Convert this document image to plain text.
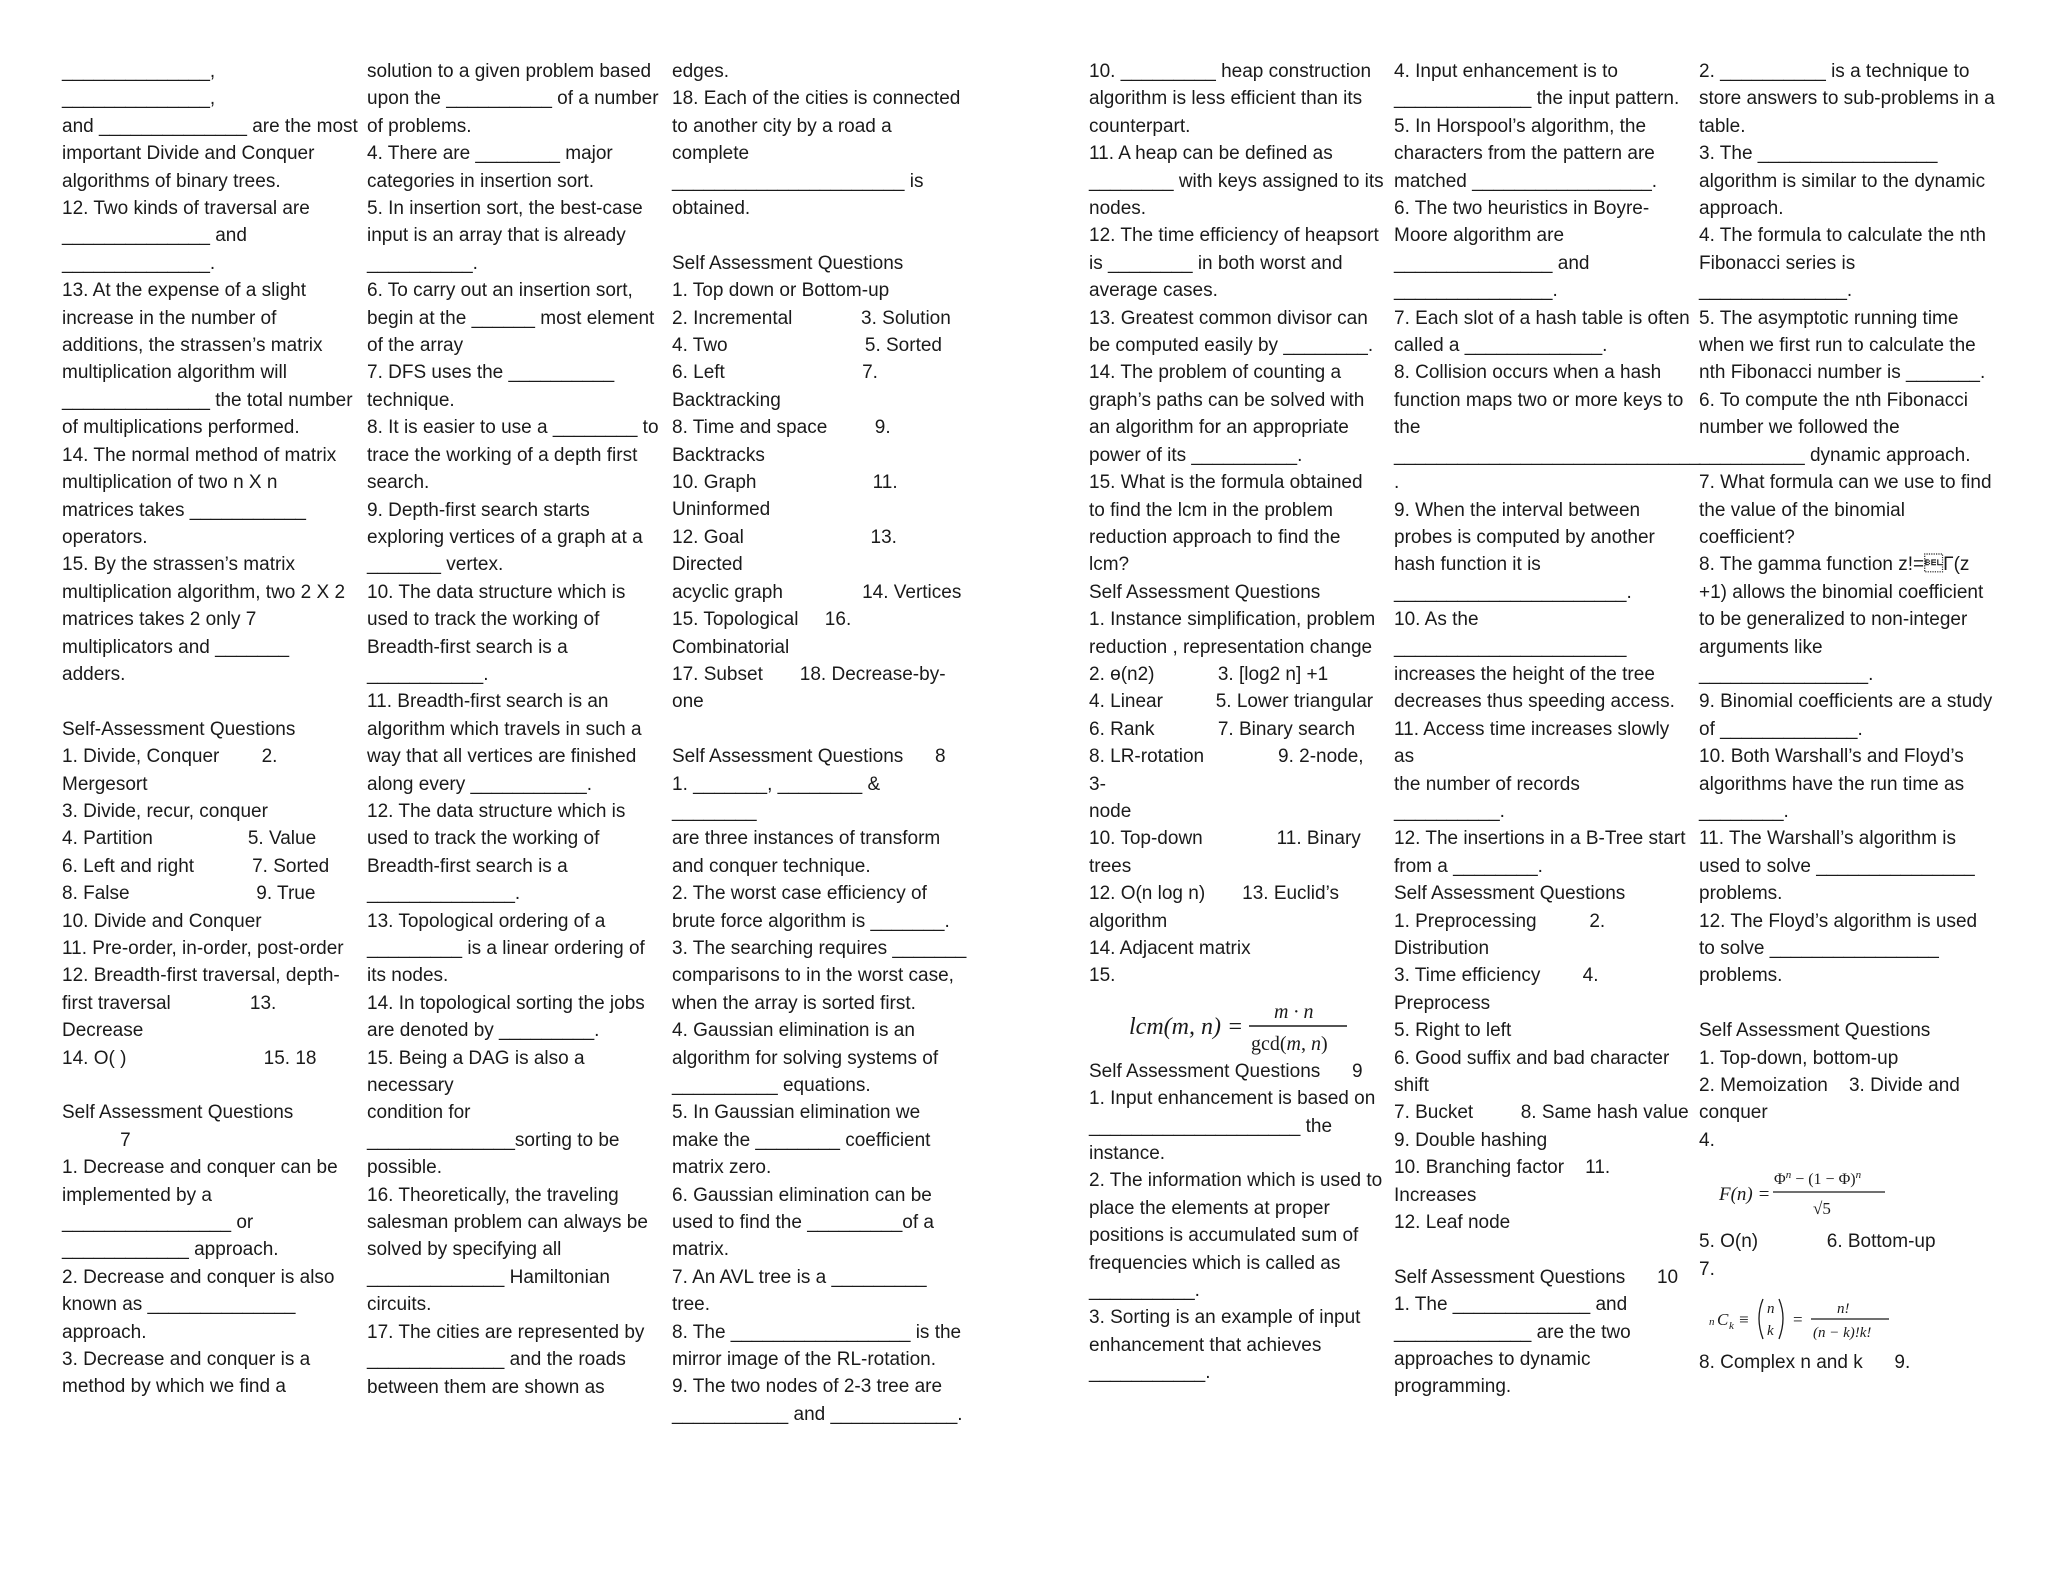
______________, ______________,

and ______________ are the most

important Divide and Conquer

algorithms of binary trees.

12. Two kinds of traversal are

______________ and

______________.

13. At the expense of a slight

increase in the number of

additions, the strassen’s matrix

multiplication algorithm will

______________ the total number

of multiplications performed.

14. The normal method of matrix

multiplication of two n X n

matrices takes ___________

operators.

15. By the strassen’s matrix

multiplication algorithm, two 2 X 2

matrices takes 2 only 7

multiplicators and _______

adders.

Self-Assessment Questions

1. Divide, Conquer        2.

Mergesort

3. Divide, recur, conquer

4. Partition                  5. Value

6. Left and right           7. Sorted

8. False                        9. True

10. Divide and Conquer

11. Pre-order, in-order, post-order

12. Breadth-first traversal, depth-

first traversal               13.

Decrease

14. O( )                          15. 18

Self Assessment Questions

7

1. Decrease and conquer can be

implemented by a

________________ or

____________ approach.

2. Decrease and conquer is also

known as ______________

approach.

3. Decrease and conquer is a

method by which we find a

solution to a given problem based

upon the __________ of a number

of problems.

4. There are ________ major

categories in insertion sort.

5. In insertion sort, the best-case

input is an array that is already

__________.

6. To carry out an insertion sort,

begin at the ______ most element

of the array

7. DFS uses the __________

technique.

8. It is easier to use a ________ to

trace the working of a depth first

search.

9. Depth-first search starts

exploring vertices of a graph at a

_______ vertex.

10. The data structure which is

used to track the working of

Breadth-first search is a

___________.

11. Breadth-first search is an

algorithm which travels in such a

way that all vertices are finished

along every ___________.

12. The data structure which is

used to track the working of

Breadth-first search is a

______________.

13. Topological ordering of a

_________ is a linear ordering of

its nodes.

14. In topological sorting the jobs

are denoted by _________.

15. Being a DAG is also a necessary

condition for

______________sorting to be

possible.

16. Theoretically, the traveling

salesman problem can always be

solved by specifying all

_____________ Hamiltonian

circuits.

17. The cities are represented by

_____________ and the roads

between them are shown as

edges.

18. Each of the cities is connected

to another city by a road a

complete

______________________ is

obtained.

Self Assessment Questions

1. Top down or Bottom-up

2. Incremental             3. Solution

4. Two                          5. Sorted

6. Left                          7.

Backtracking

8. Time and space         9.

Backtracks

10. Graph                      11.

Uninformed

12. Goal                        13. Directed

acyclic graph               14. Vertices

15. Topological     16.

Combinatorial

17. Subset       18. Decrease-by-

one

Self Assessment Questions      8

1. _______, ________ & ________

are three instances of transform

and conquer technique.

2. The worst case efficiency of

brute force algorithm is _______.

3. The searching requires _______

comparisons to in the worst case,

when the array is sorted first.

4. Gaussian elimination is an

algorithm for solving systems of

__________ equations.

5. In Gaussian elimination we

make the ________ coefficient

matrix zero.

6. Gaussian elimination can be

used to find the _________of a

matrix.

7. An AVL tree is a _________ tree.

8. The _________________ is the

mirror image of the RL-rotation.

9. The two nodes of 2-3 tree are

___________ and ____________.

10. _________ heap construction

algorithm is less efficient than its

counterpart.

11. A heap can be defined as

________ with keys assigned to its

nodes.

12. The time efficiency of heapsort

is ________ in both worst and

average cases.

13. Greatest common divisor can

be computed easily by ________.

14. The problem of counting a

graph’s paths can be solved with

an algorithm for an appropriate

power of its __________.

15. What is the formula obtained

to find the lcm in the problem

reduction approach to find the

lcm?

Self Assessment Questions

1. Instance simplification, problem

reduction , representation change

2. ɵ(n2)            3. [log2 n] +1

4. Linear          5. Lower triangular

6. Rank            7. Binary search

8. LR-rotation              9. 2-node, 3-

node

10. Top-down              11. Binary

trees

12. O(n log n)       13. Euclid’s

algorithm

14. Adjacent matrix

15.

lcm(m, n) =
m · n
gcd(m, n)

Self Assessment Questions      9

1. Input enhancement is based on

____________________ the

instance.

2. The information which is used to

place the elements at proper

positions is accumulated sum of

frequencies which is called as

__________.

3. Sorting is an example of input

enhancement that achieves

___________.

4. Input enhancement is to

_____________ the input pattern.

5. In Horspool’s algorithm, the

characters from the pattern are

matched _________________.

6. The two heuristics in Boyre-

Moore algorithm are

_______________ and

_______________.

7. Each slot of a hash table is often

called a _____________.

8. Collision occurs when a hash

function maps two or more keys to

the

_____________________________

.

9. When the interval between

probes is computed by another

hash function it is

______________________.

10. As the

______________________

increases the height of the tree

decreases thus speeding access.

11. Access time increases slowly as

the number of records

__________.

12. The insertions in a B-Tree start

from a ________.

Self Assessment Questions

1. Preprocessing          2.

Distribution

3. Time efficiency        4.

Preprocess

5. Right to left

6. Good suffix and bad character

shift

7. Bucket         8. Same hash value

9. Double hashing

10. Branching factor    11.

Increases

12. Leaf node

Self Assessment Questions      10

1. The _____________ and

_____________ are the two

approaches to dynamic

programming.

2. __________ is a technique to

store answers to sub-problems in a

table.

3. The _________________

algorithm is similar to the dynamic

approach.

4. The formula to calculate the nth

Fibonacci series is

______________.

5. The asymptotic running time

when we first run to calculate the

nth Fibonacci number is _______.

6. To compute the nth Fibonacci

number we followed the

__________ dynamic approach.

7. What formula can we use to find

the value of the binomial

coefficient?

8. The gamma function z!=Γ(z

+1) allows the binomial coefficient

to be generalized to non-integer

arguments like

________________.

9. Binomial coefficients are a study

of _____________.

10. Both Warshall’s and Floyd’s

algorithms have the run time as

________.

11. The Warshall’s algorithm is

used to solve _______________

problems.

12. The Floyd’s algorithm is used

to solve ________________

problems.

Self Assessment Questions

1. Top-down, bottom-up

2. Memoization    3. Divide and

conquer

4.

F(n) =
$\Phi^n - (1 - \Phi)^n$
√5

5. O(n)             6. Bottom-up

7.

n C k ≡
n
k
=
n!
(n − k)!k!

8. Complex n and k      9.
